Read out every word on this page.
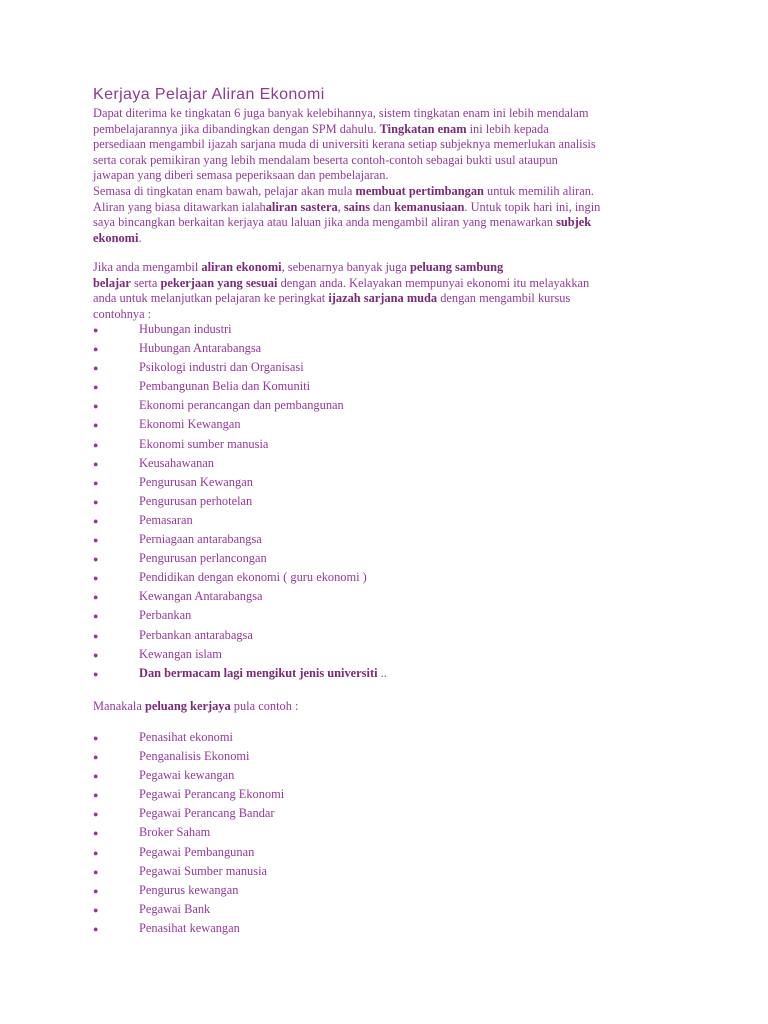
Kerjaya Pelajar Aliran Ekonomi
Dapat diterima ke tingkatan 6 juga banyak kelebihannya, sistem tingkatan enam ini lebih mendalam
pembelajarannya jika dibandingkan dengan SPM dahulu. Tingkatan enam ini lebih kepada
persediaan mengambil ijazah sarjana muda di universiti kerana setiap subjeknya memerlukan analisis
serta corak pemikiran yang lebih mendalam beserta contoh-contoh sebagai bukti usul ataupun
jawapan yang diberi semasa peperiksaan dan pembelajaran.
Semasa di tingkatan enam bawah, pelajar akan mula membuat pertimbangan untuk memilih aliran.
Aliran yang biasa ditawarkan ialahaliran sastera, sains dan kemanusiaan. Untuk topik hari ini, ingin
saya bincangkan berkaitan kerjaya atau laluan jika anda mengambil aliran yang menawarkan subjek
ekonomi.
Jika anda mengambil aliran ekonomi, sebenarnya banyak juga peluang sambung
belajar serta pekerjaan yang sesuai dengan anda. Kelayakan mempunyai ekonomi itu melayakkan
anda untuk melanjutkan pelajaran ke peringkat ijazah sarjana muda dengan mengambil kursus
contohnya :
●	Hubungan industri
●	Hubungan Antarabangsa
●	Psikologi industri dan Organisasi
●	Pembangunan Belia dan Komuniti
●	Ekonomi perancangan dan pembangunan
●	Ekonomi Kewangan
●	Ekonomi sumber manusia
●	Keusahawanan
●	Pengurusan Kewangan
●	Pengurusan perhotelan
●	Pemasaran
●	Perniagaan antarabangsa
●	Pengurusan perlancongan
●	Pendidikan dengan ekonomi ( guru ekonomi )
●	Kewangan Antarabangsa
●	Perbankan
●	Perbankan antarabagsa
●	Kewangan islam
●	Dan bermacam lagi mengikut jenis universiti ..
Manakala peluang kerjaya pula contoh :
●	Penasihat ekonomi
●	Penganalisis Ekonomi
●	Pegawai kewangan
●	Pegawai Perancang Ekonomi
●	Pegawai Perancang Bandar
●	Broker Saham
●	Pegawai Pembangunan
●	Pegawai Sumber manusia
●	Pengurus kewangan
●	Pegawai Bank
●	Penasihat kewangan
